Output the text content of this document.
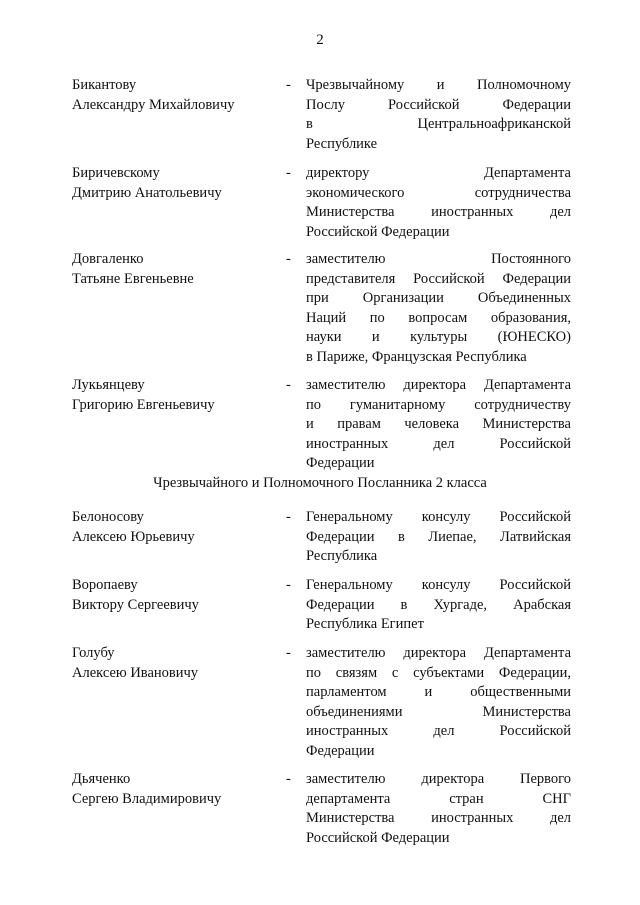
2
Бикантову
Александру Михайловичу
- Чрезвычайному и Полномочному
Послу Российской Федерации
в Центральноафриканской
Республике
Биричевскому
Дмитрию Анатольевичу
- директору Департамента
экономического сотрудничества
Министерства иностранных дел
Российской Федерации
Довгаленко
Татьяне Евгеньевне
- заместителю Постоянного
представителя Российской Федерации
при Организации Объединенных
Наций по вопросам образования,
науки и культуры (ЮНЕСКО)
в Париже, Французская Республика
Лукьянцеву
Григорию Евгеньевичу
- заместителю директора Департамента
по гуманитарному сотрудничеству
и правам человека Министерства
иностранных дел Российской
Федерации
Чрезвычайного и Полномочного Посланника 2 класса
Белоносову
Алексею Юрьевичу
- Генеральному консулу Российской
Федерации в Лиепае, Латвийская
Республика
Воропаеву
Виктору Сергеевичу
- Генеральному консулу Российской
Федерации в Хургаде, Арабская
Республика Египет
Голубу
Алексею Ивановичу
- заместителю директора Департамента
по связям с субъектами Федерации,
парламентом и общественными
объединениями Министерства
иностранных дел Российской
Федерации
Дьяченко
Сергею Владимировичу
- заместителю директора Первого
департамента стран СНГ
Министерства иностранных дел
Российской Федерации
